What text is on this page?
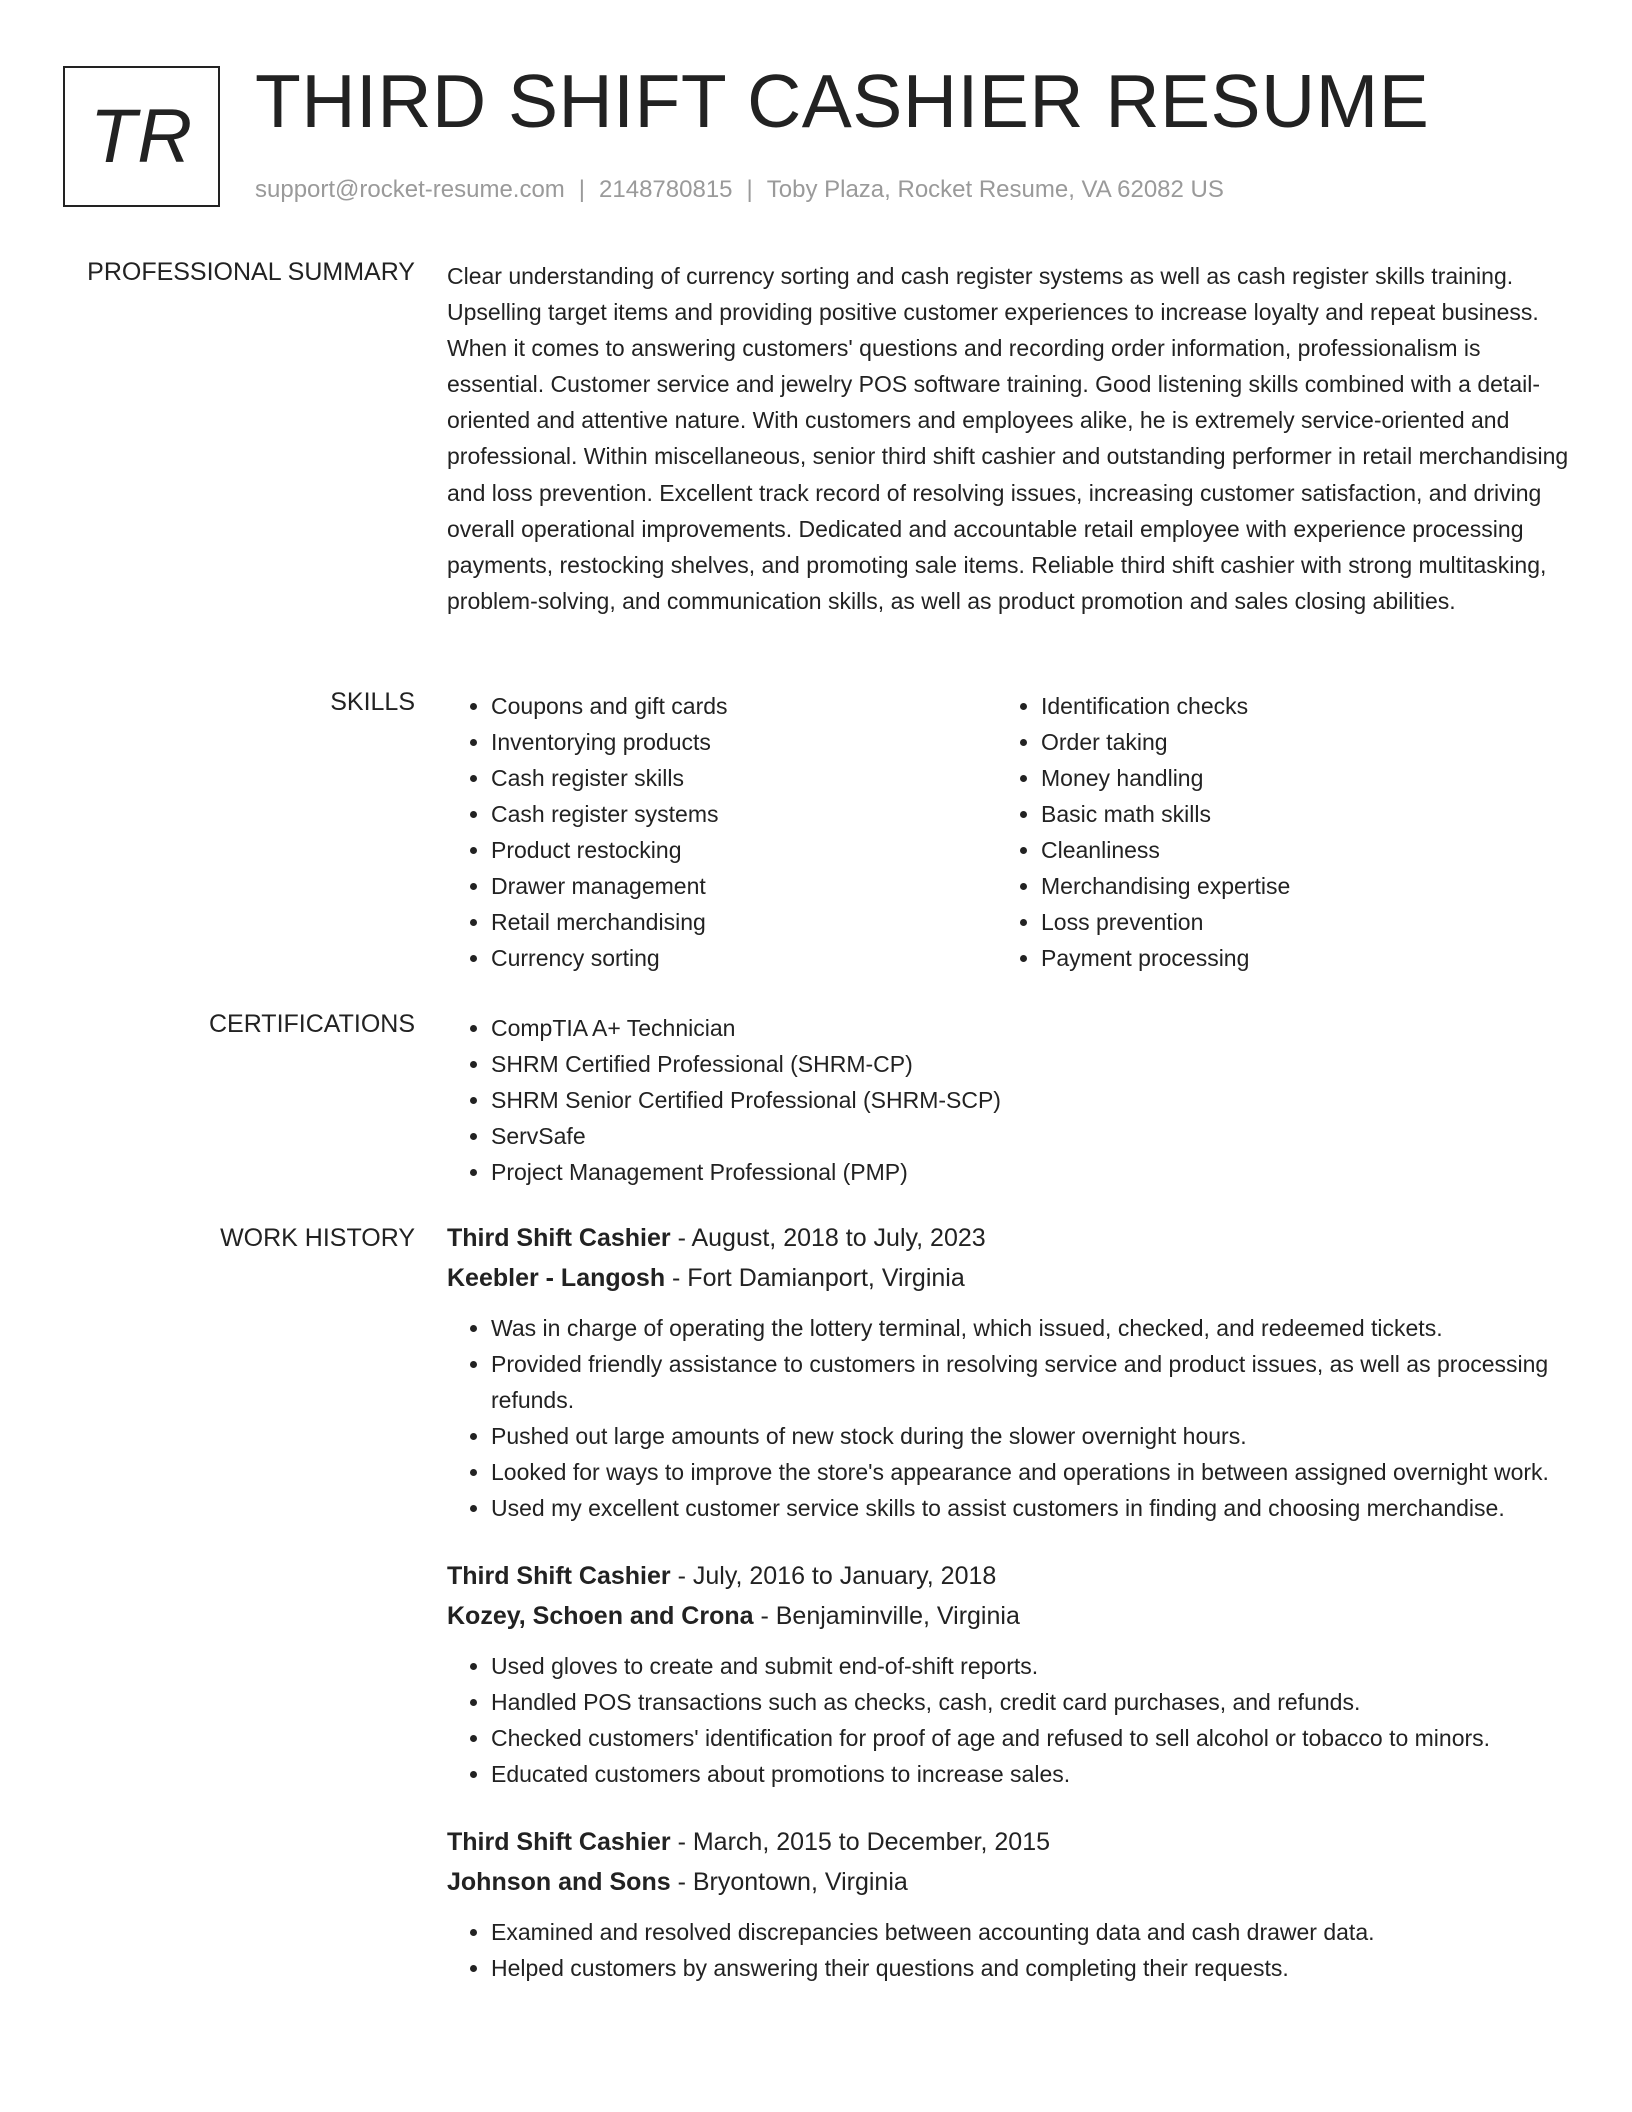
TR THIRD SHIFT CASHIER RESUME
support@rocket-resume.com | 2148780815 | Toby Plaza, Rocket Resume, VA 62082 US
PROFESSIONAL SUMMARY Clear understanding of currency sorting and cash register systems as well as cash register skills training. Upselling target items and providing positive customer experiences to increase loyalty and repeat business. When it comes to answering customers' questions and recording order information, professionalism is essential. Customer service and jewelry POS software training. Good listening skills combined with a detail-oriented and attentive nature. With customers and employees alike, he is extremely service-oriented and professional. Within miscellaneous, senior third shift cashier and outstanding performer in retail merchandising and loss prevention. Excellent track record of resolving issues, increasing customer satisfaction, and driving overall operational improvements. Dedicated and accountable retail employee with experience processing payments, restocking shelves, and promoting sale items. Reliable third shift cashier with strong multitasking, problem-solving, and communication skills, as well as product promotion and sales closing abilities.

SKILLS	• Coupons and gift cards
• Inventorying products
• Cash register skills
• Cash register systems
• Product restocking
• Drawer management
• Retail merchandising
• Currency sorting
• Identification checks
• Order taking
• Money handling
• Basic math skills
• Cleanliness
• Merchandising expertise
• Loss prevention
• Payment processing
CERTIFICATIONS	• CompTIA A+ Technician
• SHRM Certified Professional (SHRM-CP)
• SHRM Senior Certified Professional (SHRM-SCP)
• ServSafe
• Project Management Professional (PMP)
WORK HISTORY Third Shift Cashier - August, 2018 to July, 2023
Keebler - Langosh - Fort Damianport, Virginia
• Was in charge of operating the lottery terminal, which issued, checked, and redeemed tickets.
• Provided friendly assistance to customers in resolving service and product issues, as well as processing refunds.
• Pushed out large amounts of new stock during the slower overnight hours.
• Looked for ways to improve the store's appearance and operations in between assigned overnight work.
• Used my excellent customer service skills to assist customers in finding and choosing merchandise.
Third Shift Cashier - July, 2016 to January, 2018
Kozey, Schoen and Crona - Benjaminville, Virginia
• Used gloves to create and submit end-of-shift reports.
• Handled POS transactions such as checks, cash, credit card purchases, and refunds.
• Checked customers' identification for proof of age and refused to sell alcohol or tobacco to minors.
• Educated customers about promotions to increase sales.
Third Shift Cashier - March, 2015 to December, 2015
Johnson and Sons - Bryontown, Virginia
• Examined and resolved discrepancies between accounting data and cash drawer data.
• Helped customers by answering their questions and completing their requests.
